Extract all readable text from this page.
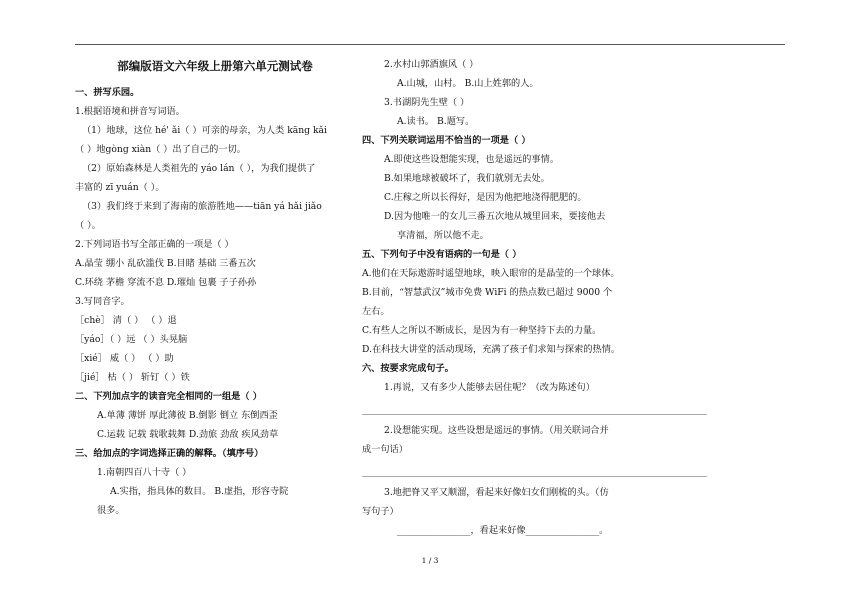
部编版语文六年级上册第六单元测试卷
一、拼写乐园。
1.根据语境和拼音写词语。
（1）地球，这位 hé' ǎi（ ）可亲的母亲，为人类 kāng kǎi
（ ）地gòng xiàn（ ）出了自己的一切。
（2）原始森林是人类祖先的 yáo lán（ ），为我们提供了
丰富的 zī yuán（ ）。
（3）我们终于来到了海南的旅游胜地——tiān yá hǎi jiǎo
（ ）。
2.下列词语书写全部正确的一项是（ ）
A.晶莹 绷小 乱砍滥伐 B.目睹 基础 三番五次
C.环绕 茅檐 穿流不息 D.璀灿 包裹 子子孙孙
3.写同音字。
［chè］ 清（ ） （ ）退
［yáo］（ ）远 （ ）头晃脑
［xié］ 威（ ） （ ）助
［jié］ 枯（ ） 斩钉（ ）铁
二、下列加点字的读音完全相同的一组是（ ）
A.单薄 薄饼 厚此薄彼 B.倒影 倒立 东倒西歪
C.运载 记载 载歌载舞 D.劲旅 劲敌 疾风劲草
三、给加点的字词选择正确的解释。（填序号）
1.南朝四百八十寺（ ）
A.实指，指具体的数目。 B.虚指，形容寺院
很多。
2.水村山郭酒旗风（ ）
A.山城，山村。 B.山上姓郭的人。
3.书湖阴先生壁（ ）
A.读书。 B.题写。
四、下列关联词运用不恰当的一项是（ ）
A.即使这些设想能实现，也是遥远的事情。
B.如果地球被破坏了，我们就别无去处。
C.庄稼之所以长得好，是因为他把地浇得肥肥的。
D.因为他唯一的女儿三番五次地从城里回来，要接他去
享清福，所以他不走。
五、下列句子中没有语病的一句是（ ）
A.他们在天际遨游时遥望地球，映入眼帘的是晶莹的一个球体。
B.目前，“智慧武汉”城市免费 WiFi 的热点数已超过 9000 个
左右。
C.有些人之所以不断成长，是因为有一种坚持下去的力量。
D.在科技大讲堂的活动现场，充满了孩子们求知与探索的热情。
六、按要求完成句子。
1.再说，又有多少人能够去居住呢？（改为陈述句）
2.设想能实现。这些设想是遥远的事情。（用关联词合并
成一句话）
3.地把脊又平又顺溜，看起来好像妇女们刚梳的头。（仿
写句子）
________________，看起来好像________________。
1 / 3
